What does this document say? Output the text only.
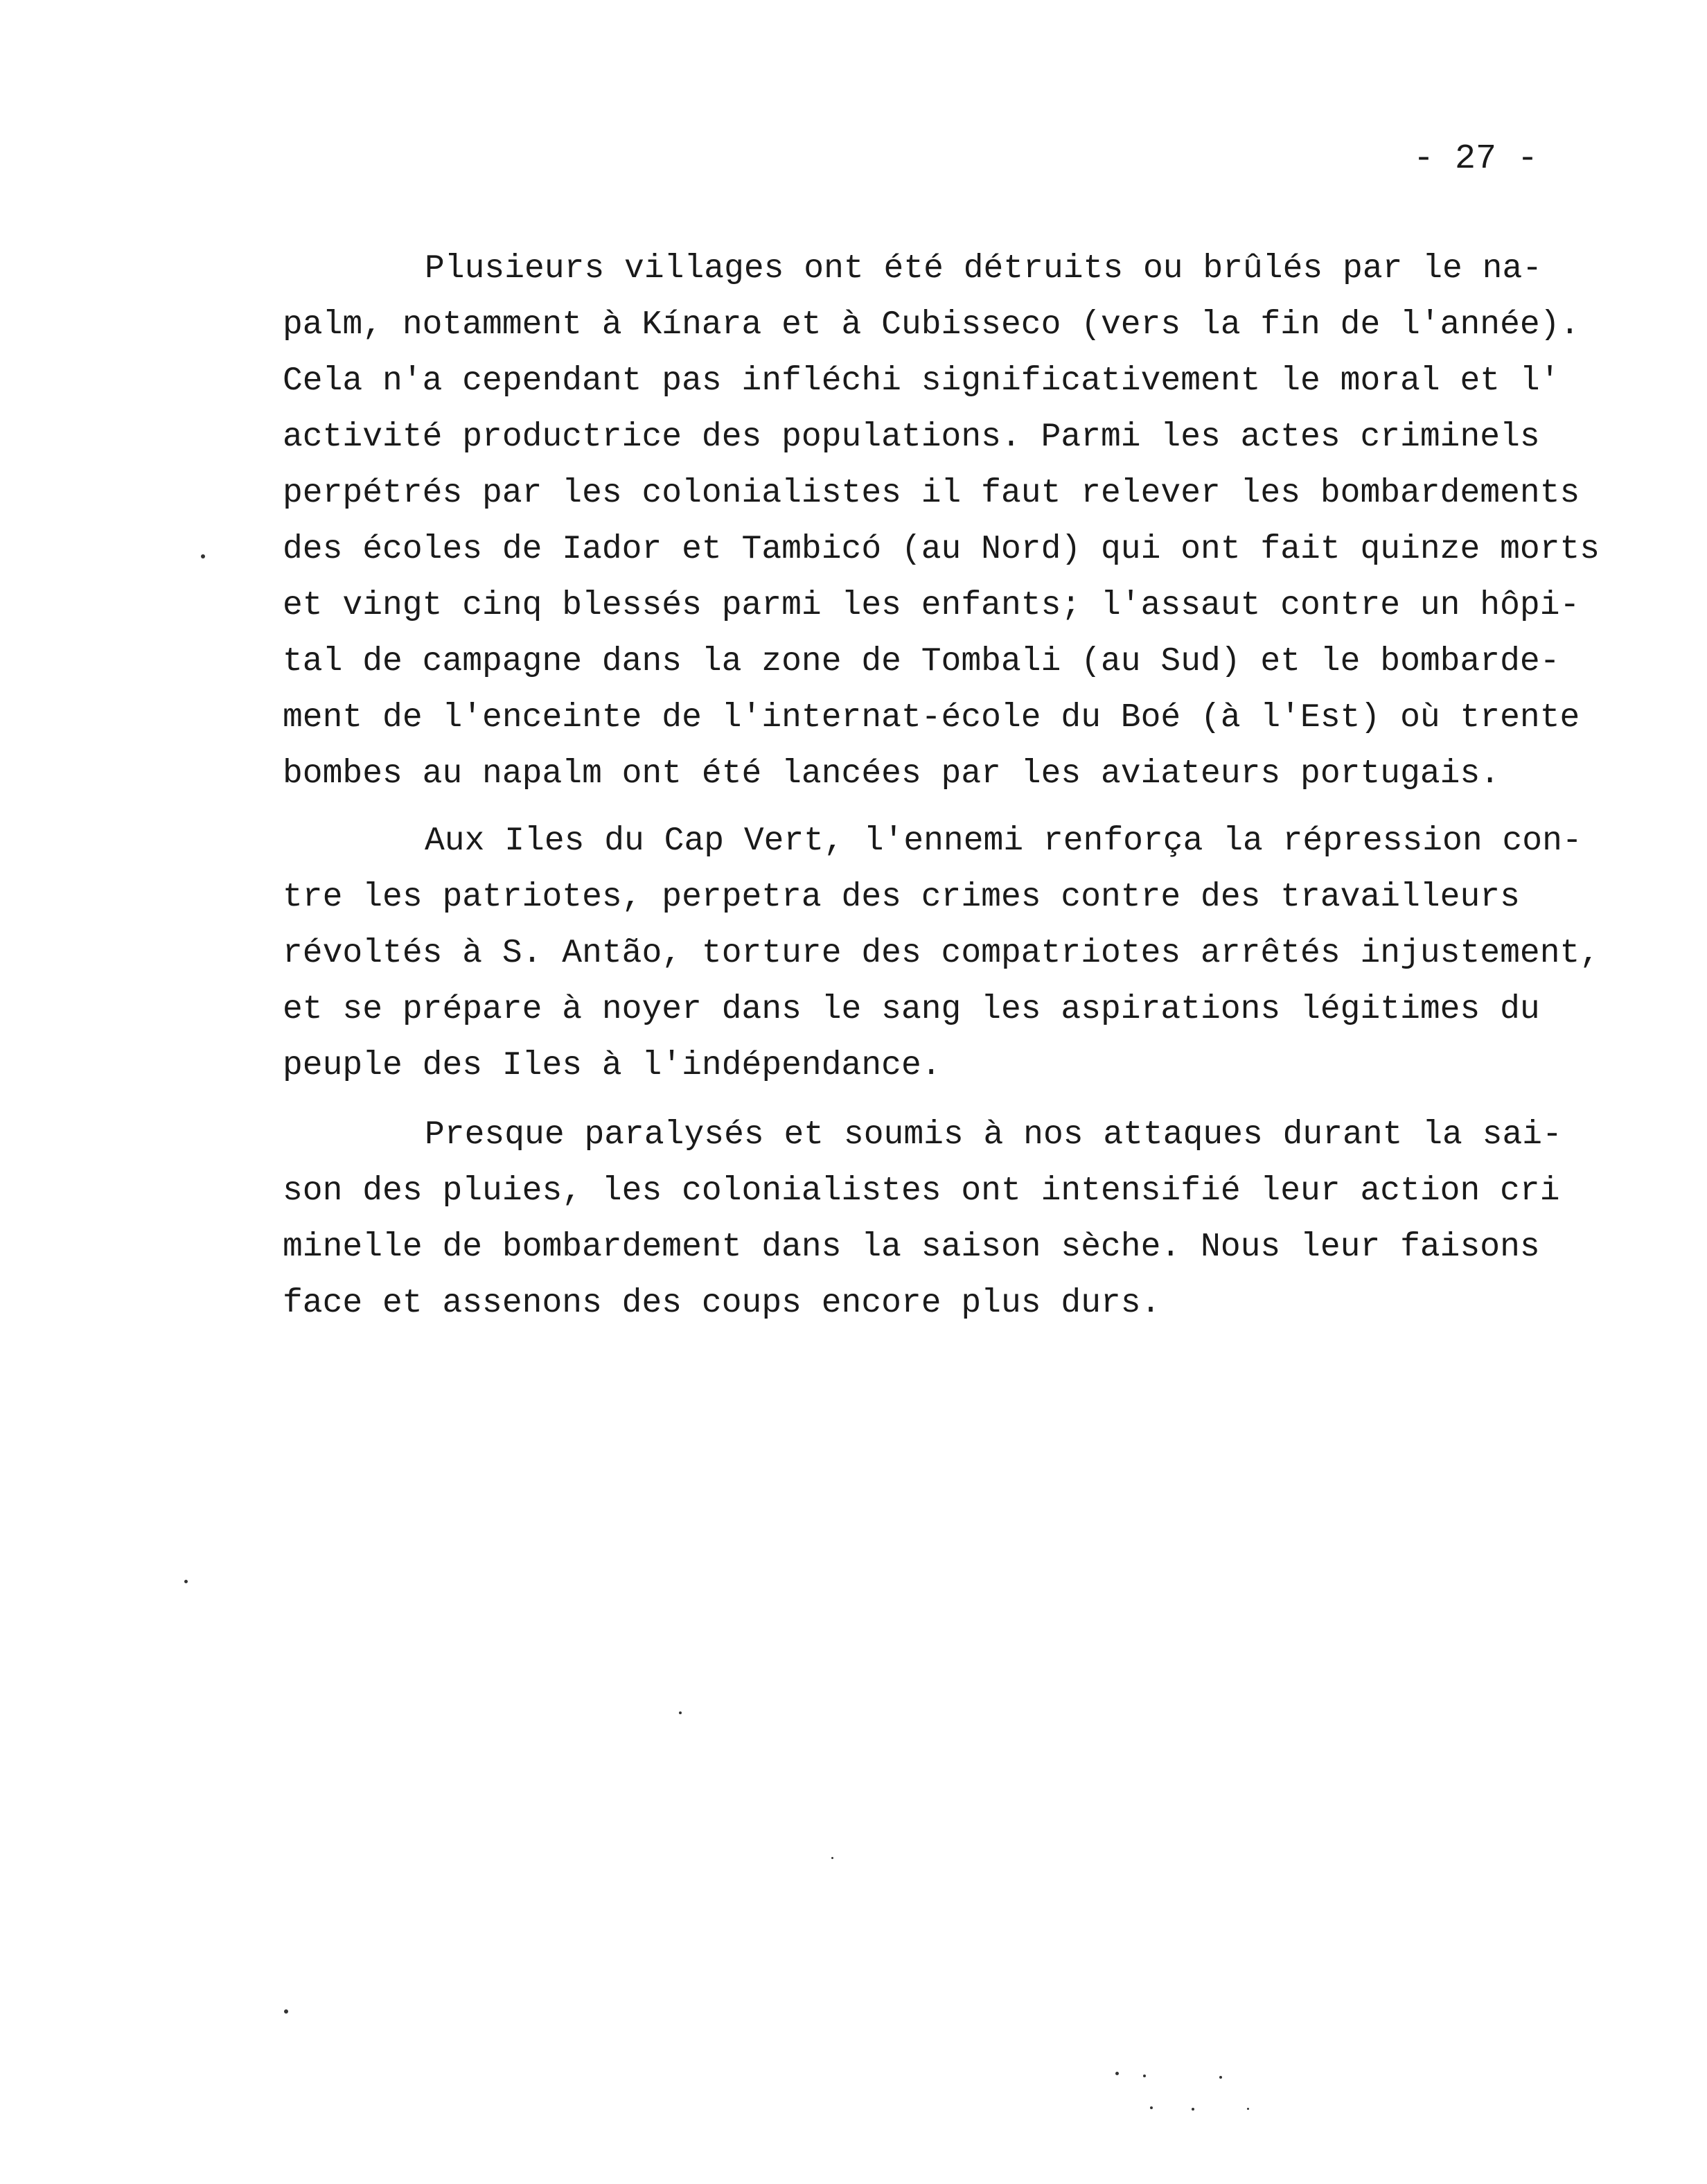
- 27 -
Plusieurs villages ont été détruits ou brûlés par le na-
palm, notamment à Kínara et à Cubisseco (vers la fin de l'année).
Cela n'a cependant pas infléchi significativement le moral et l'
activité productrice des populations. Parmi les actes criminels
perpétrés par les colonialistes il faut relever les bombardements
des écoles de Iador et Tambicó (au Nord) qui ont fait quinze morts
et vingt cinq blessés parmi les enfants; l'assaut contre un hôpi-
tal de campagne dans la zone de Tombali (au Sud) et le bombarde-
ment de l'enceinte de l'internat-école du Boé (à l'Est) où trente
bombes au napalm ont été lancées par les aviateurs portugais.
Aux Iles du Cap Vert, l'ennemi renforça la répression con-
tre les patriotes, perpetra des crimes contre des travailleurs
révoltés à S. Antão, torture des compatriotes arrêtés injustement,
et se prépare à noyer dans le sang les aspirations légitimes du
peuple des Iles à l'indépendance.
Presque paralysés et soumis à nos attaques durant la sai-
son des pluies, les colonialistes ont intensifié leur action cri
minelle de bombardement dans la saison sèche. Nous leur faisons
face et assenons des coups encore plus durs.
